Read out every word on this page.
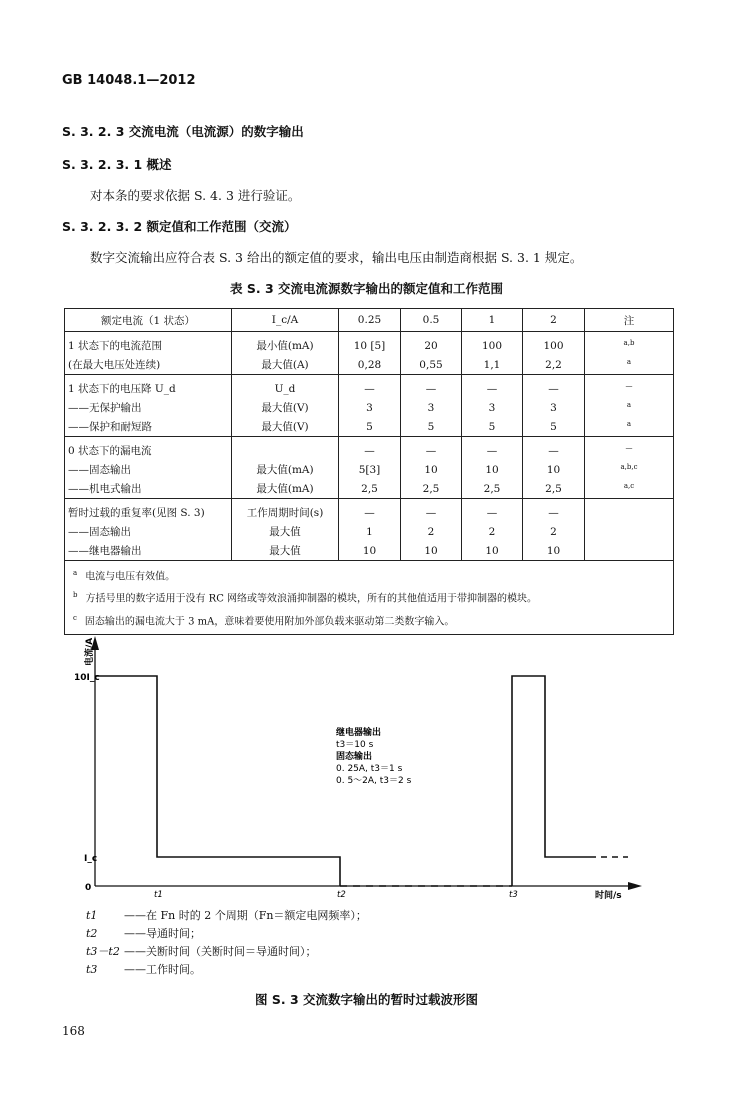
GB 14048.1—2012
S. 3. 2. 3 交流电流（电流源）的数字输出
S. 3. 2. 3. 1 概述
对本条的要求依据 S. 4. 3 进行验证。
S. 3. 2. 3. 2 额定值和工作范围（交流）
数字交流输出应符合表 S. 3 给出的额定值的要求，输出电压由制造商根据 S. 3. 1 规定。
表 S. 3 交流电流源数字输出的额定值和工作范围
额定电流（1 状态）	I_c/A	0.25	0.5	1	2	注
1 状态下的电流范围	最小值(mA)	10 [5]	20	100	100	$^{a,b}$
(在最大电压处连续)	最大值(A)	0,28	0,55	1,1	2,2	$^a$
1 状态下的电压降 U_d	U_d	—	—	—	—	—
——无保护输出	最大值(V)	3	3	3	3	$^a$
——保护和耐短路	最大值(V)	5	5	5	5	$^a$
0 状态下的漏电流		—	—	—	—	—
——固态输出	最大值(mA)	5[3]	10	10	10	$^{a,b,c}$
——机电式输出	最大值(mA)	2,5	2,5	2,5	2,5	$^{a,c}$
暂时过载的重复率(见图 S. 3)	工作周期时间(s)	—	—	—	—	
——固态输出	最大值	1	2	2	2	
——继电器输出	最大值	10	10	10	10	

$^a$ 电流与电压有效值。
$^b$ 方括号里的数字适用于没有 RC 网络或等效浪涌抑制器的模块，所有的其他值适用于带抑制器的模块。
$^c$ 固态输出的漏电流大于 3 mA，意味着要使用附加外部负载来驱动第二类数字输入。						
电流/A
10I_c
I_c
0
t1	t2	t3	时间/s
继电器输出
t3＝10 s
固态输出
0. 25A, t3＝1 s
0. 5～2A, t3＝2 s
t1 ——在 Fn 时的 2 个周期（Fn＝额定电网频率）；
t2 ——导通时间；
t3－t2 ——关断时间（关断时间＝导通时间）；
t3 ——工作时间。
图 S. 3 交流数字输出的暂时过载波形图
168
